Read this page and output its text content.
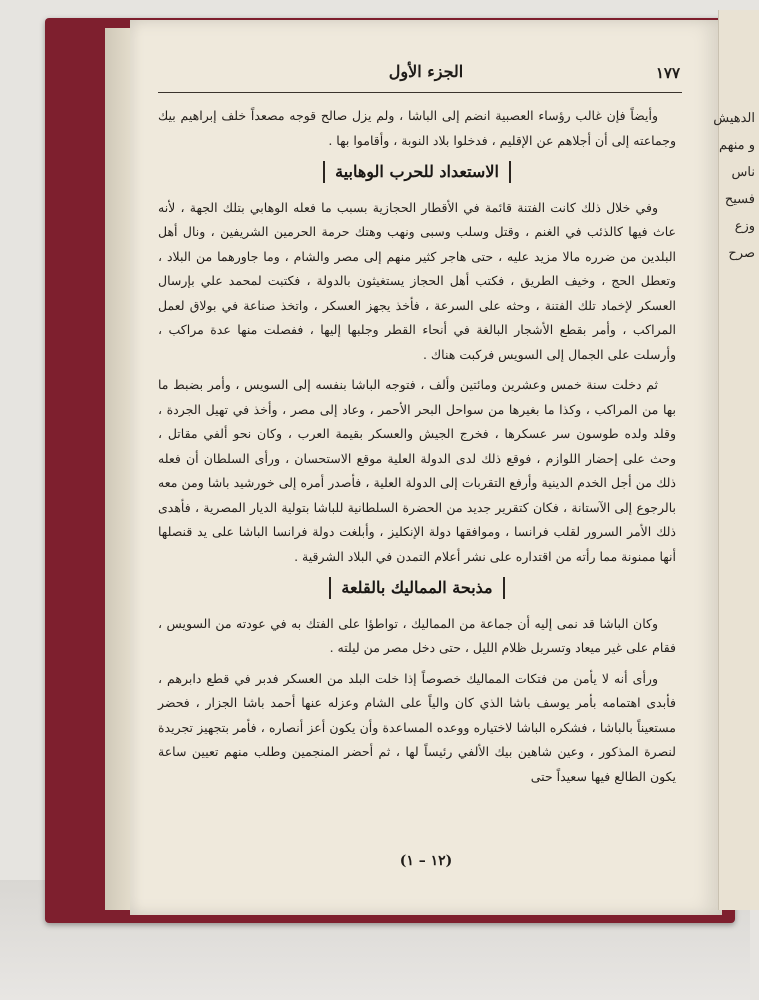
الجزء الأول	١٧٧

وأيضاً فإن غالب رؤساء العصبية انضم إلى الباشا ، ولم يزل صالح قوجه مصعداً خلف إبراهيم بيك وجماعته إلى أن أجلاهم عن الإقليم ، فدخلوا بلاد النوبة ، وأقاموا بها .

الاستعداد للحرب الوهابية

وفي خلال ذلك كانت الفتنة قائمة في الأقطار الحجازية بسبب ما فعله الوهابي بتلك الجهة ، لأنه عاث فيها كالذئب في الغنم ، وقتل وسلب وسبى ونهب وهتك حرمة الحرمين الشريفين ، ونال أهل البلدين من ضرره مالا مزيد عليه ، حتى هاجر كثير منهم إلى مصر والشام ، وما جاورهما من البلاد ، وتعطل الحج ، وخيف الطريق ، فكتب أهل الحجاز يستغيثون بالدولة ، فكتبت لمحمد علي بإرسال العسكر لإخماد تلك الفتنة ، وحثه على السرعة ، فأخذ يجهز العسكر ، واتخذ صناعة في بولاق لعمل المراكب ، وأمر بقطع الأشجار البالغة في أنحاء القطر وجلبها إليها ، ففصلت منها عدة مراكب ، وأرسلت على الجمال إلى السويس فركبت هناك .

ثم دخلت سنة خمس وعشرين ومائتين وألف ، فتوجه الباشا بنفسه إلى السويس ، وأمر بضبط ما بها من المراكب ، وكذا ما بغيرها من سواحل البحر الأحمر ، وعاد إلى مصر ، وأخذ في تهيل الجردة ، وقلد ولده طوسون سر عسكرها ، فخرج الجيش والعسكر بقيمة العرب ، وكان نحو ألفي مقاتل ، وحث على إحضار اللوازم ، فوقع ذلك لدى الدولة العلية موقع الاستحسان ، ورأى السلطان أن فعله ذلك من أجل الخدم الدينية وأرفع التقربات إلى الدولة العلية ، فأصدر أمره إلى خورشيد باشا ومن معه بالرجوع إلى الآستانة ، فكان كتقرير جديد من الحضرة السلطانية للباشا بتولية الديار المصرية ، فأهدى ذلك الأمر السرور لقلب فرانسا ، وموافقها دولة الإنكليز ، وأبلغت دولة فرانسا الباشا على يد قنصلها أنها ممنونة مما رأته من اقتداره على نشر أعلام التمدن في البلاد الشرقية .

مذبحة المماليك بالقلعة

وكان الباشا قد نمى إليه أن جماعة من المماليك ، تواطؤا على الفتك به في عودته من السويس ، فقام على غير ميعاد وتسربل ظلام الليل ، حتى دخل مصر من ليلته .

ورأى أنه لا يأمن من فتكات المماليك خصوصاً إذا خلت البلد من العسكر فدبر في قطع دابرهم ، فأبدى اهتمامه بأمر يوسف باشا الذي كان والياً على الشام وعزله عنها أحمد باشا الجزار ، فحضر مستعيناً بالباشا ، فشكره الباشا لاختياره ووعده المساعدة وأن يكون أعز أنصاره ، فأمر بتجهيز تجريدة لنصرة المذكور ، وعين شاهين بيك الألفي رئيساً لها ، ثم أحضر المنجمين وطلب منهم تعيين ساعة يكون الطالع فيها سعيداً حتى

(١٢ – ١)
الدهيش و منهم ناس فسيح وزع صرح
